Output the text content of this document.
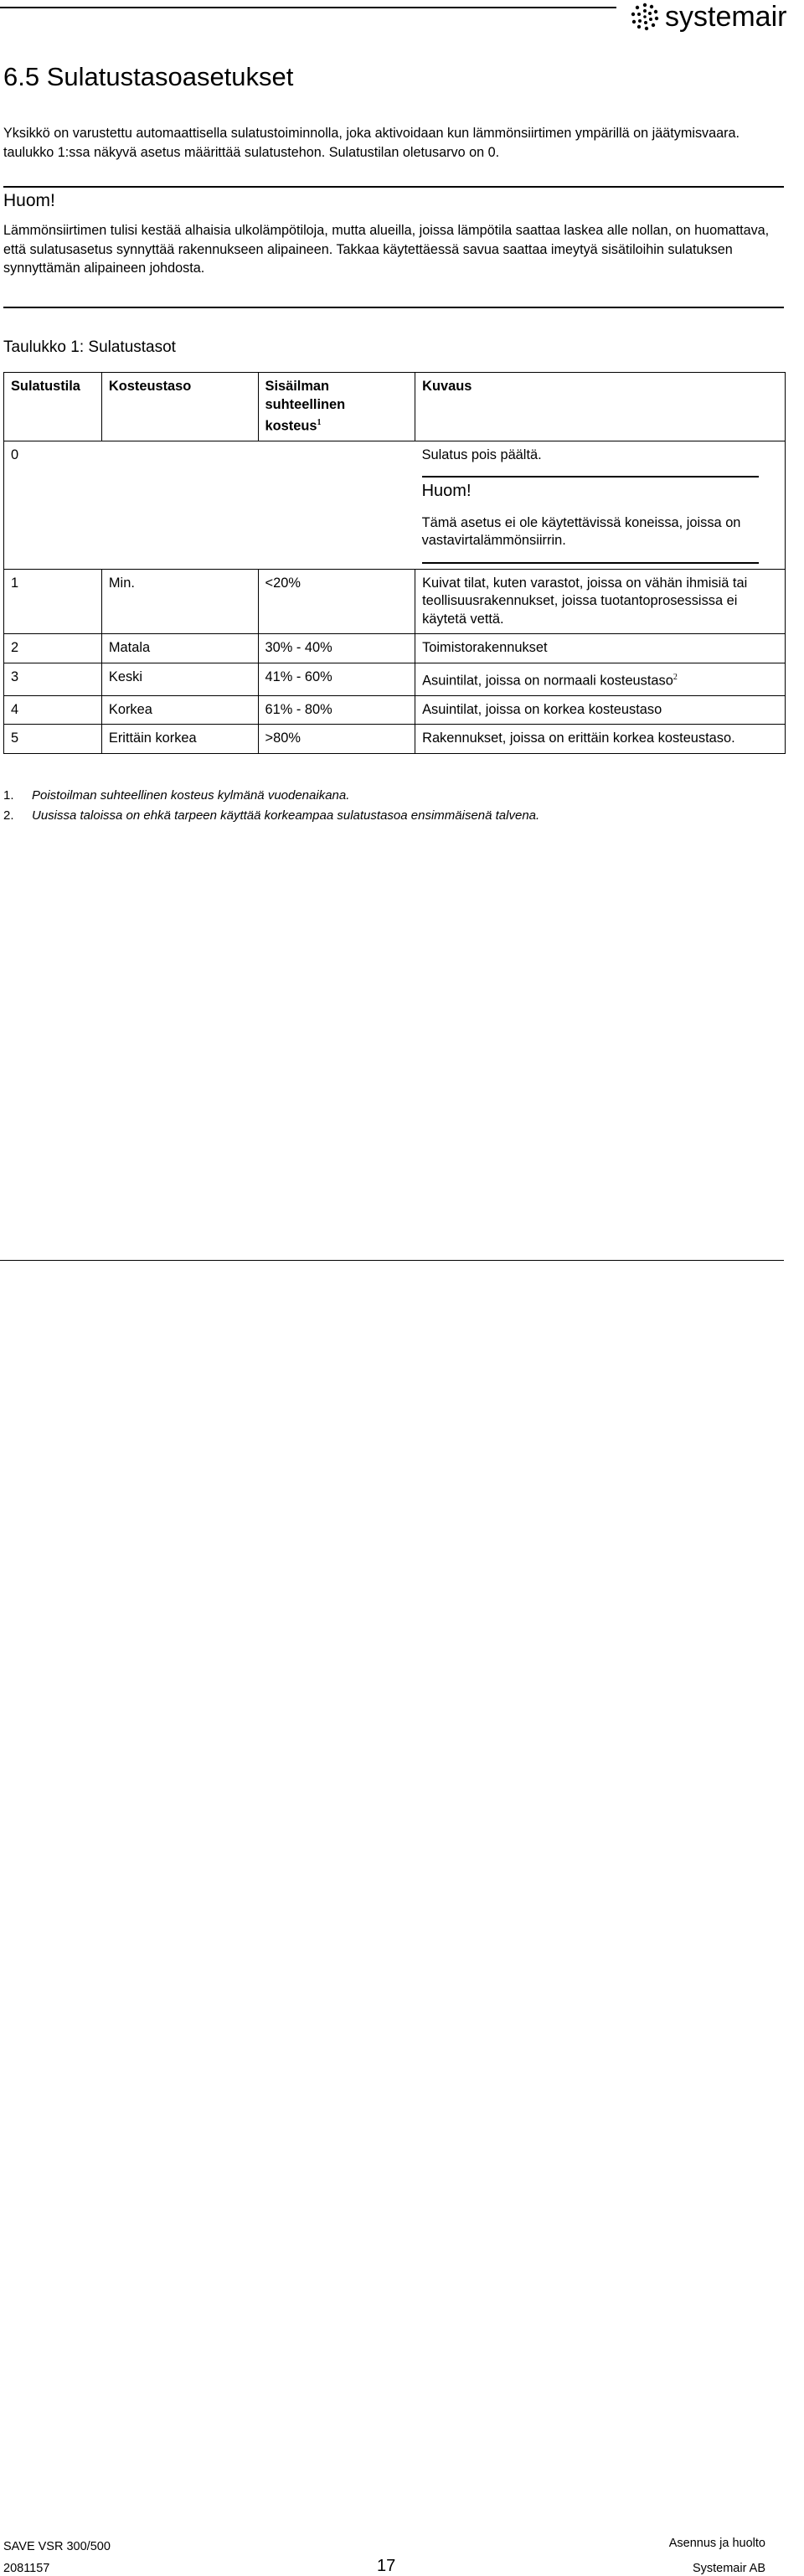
systemair
6.5 Sulatustasoasetukset

Yksikkö on varustettu automaattisella sulatustoiminnolla, joka aktivoidaan kun lämmönsiirtimen ympärillä on jäätymisvaara. taulukko 1:ssa näkyvä asetus määrittää sulatustehon. Sulatustilan oletusarvo on 0.

Huom!

Lämmönsiirtimen tulisi kestää alhaisia ulkolämpötiloja, mutta alueilla, joissa lämpötila saattaa laskea alle nollan, on huomattava, että sulatusasetus synnyttää rakennukseen alipaineen. Takkaa käytettäessä savua saattaa imeytyä sisätiloihin sulatuksen synnyttämän alipaineen johdosta.

Taulukko 1: Sulatustasot

Sulatustila	Kosteustaso	Sisäilman
suhteellinen
kosteus$^1$	Kuvaus
0			Sulatus pois päältä.
Huom!
Tämä asetus ei ole käytettävissä koneissa, joissa on vastavirtalämmönsiirrin.

1	Min.	<20%	Kuivat tilat, kuten varastot, joissa on vähän ihmisiä tai teollisuusrakennukset, joissa tuotantoprosessissa ei käytetä vettä.
2	Matala	30% - 40%	Toimistorakennukset
3	Keski	41% - 60%	Asuintilat, joissa on normaali kosteustaso$^2$
4	Korkea	61% - 80%	Asuintilat, joissa on korkea kosteustaso
5	Erittäin korkea	>80%	Rakennukset, joissa on erittäin korkea kosteustaso.
1.	Poistoilman suhteellinen kosteus kylmänä vuodenaikana.
2.	Uusissa taloissa on ehkä tarpeen käyttää korkeampaa sulatustasoa ensimmäisenä talvena.
SAVE VSR 300/500
2081157	17
Asennus ja huolto
Systemair AB
